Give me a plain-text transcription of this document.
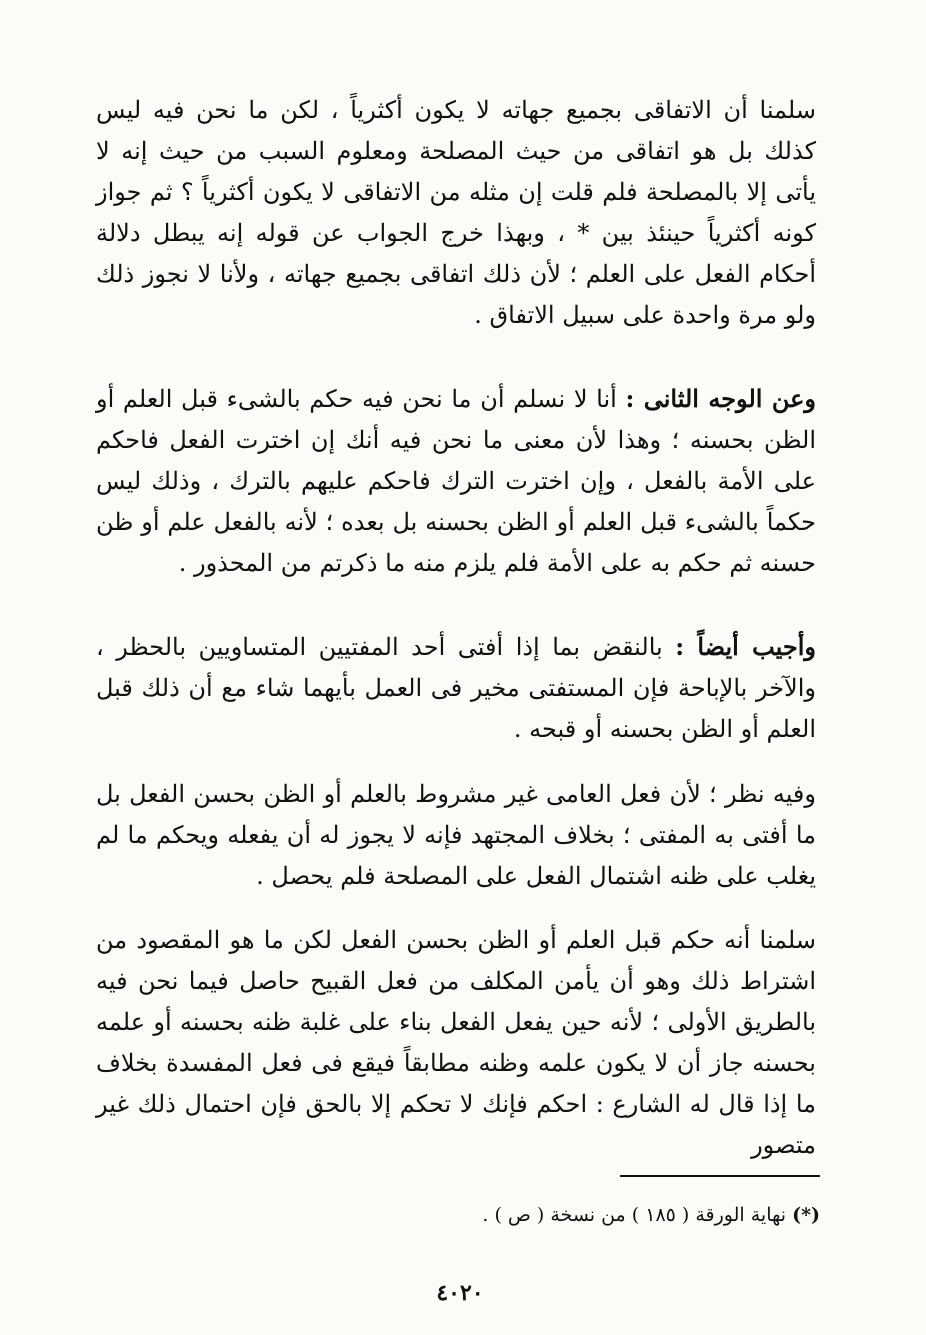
سلمنا أن الاتفاقى بجميع جهاته لا يكون أكثرياً ، لكن ما نحن فيه ليس كذلك بل هو اتفاقى من حيث المصلحة ومعلوم السبب من حيث إنه لا يأتى إلا بالمصلحة فلم قلت إن مثله من الاتفاقى لا يكون أكثرياً ؟ ثم جواز كونه أكثرياً حينئذ بين * ، وبهذا خرج الجواب عن قوله إنه يبطل دلالة أحكام الفعل على العلم ؛ لأن ذلك اتفاقى بجميع جهاته ، ولأنا لا نجوز ذلك ولو مرة واحدة على سبيل الاتفاق .

وعن الوجه الثانى : أنا لا نسلم أن ما نحن فيه حكم بالشىء قبل العلم أو الظن بحسنه ؛ وهذا لأن معنى ما نحن فيه أنك إن اخترت الفعل فاحكم على الأمة بالفعل ، وإن اخترت الترك فاحكم عليهم بالترك ، وذلك ليس حكماً بالشىء قبل العلم أو الظن بحسنه بل بعده ؛ لأنه بالفعل علم أو ظن حسنه ثم حكم به على الأمة فلم يلزم منه ما ذكرتم من المحذور .

وأجيب أيضاً : بالنقض بما إذا أفتى أحد المفتيين المتساويين بالحظر ، والآخر بالإباحة فإن المستفتى مخير فى العمل بأيهما شاء مع أن ذلك قبل العلم أو الظن بحسنه أو قبحه .

وفيه نظر ؛ لأن فعل العامى غير مشروط بالعلم أو الظن بحسن الفعل بل ما أفتى به المفتى ؛ بخلاف المجتهد فإنه لا يجوز له أن يفعله ويحكم ما لم يغلب على ظنه اشتمال الفعل على المصلحة فلم يحصل .

سلمنا أنه حكم قبل العلم أو الظن بحسن الفعل لكن ما هو المقصود من اشتراط ذلك وهو أن يأمن المكلف من فعل القبيح حاصل فيما نحن فيه بالطريق الأولى ؛ لأنه حين يفعل الفعل بناء على غلبة ظنه بحسنه أو علمه بحسنه جاز أن لا يكون علمه وظنه مطابقاً فيقع فى فعل المفسدة بخلاف ما إذا قال له الشارع : احكم فإنك لا تحكم إلا بالحق فإن احتمال ذلك غير متصور

(*) نهاية الورقة ( ١٨٥ ) من نسخة ( ص ) .
٤٠٢٠
